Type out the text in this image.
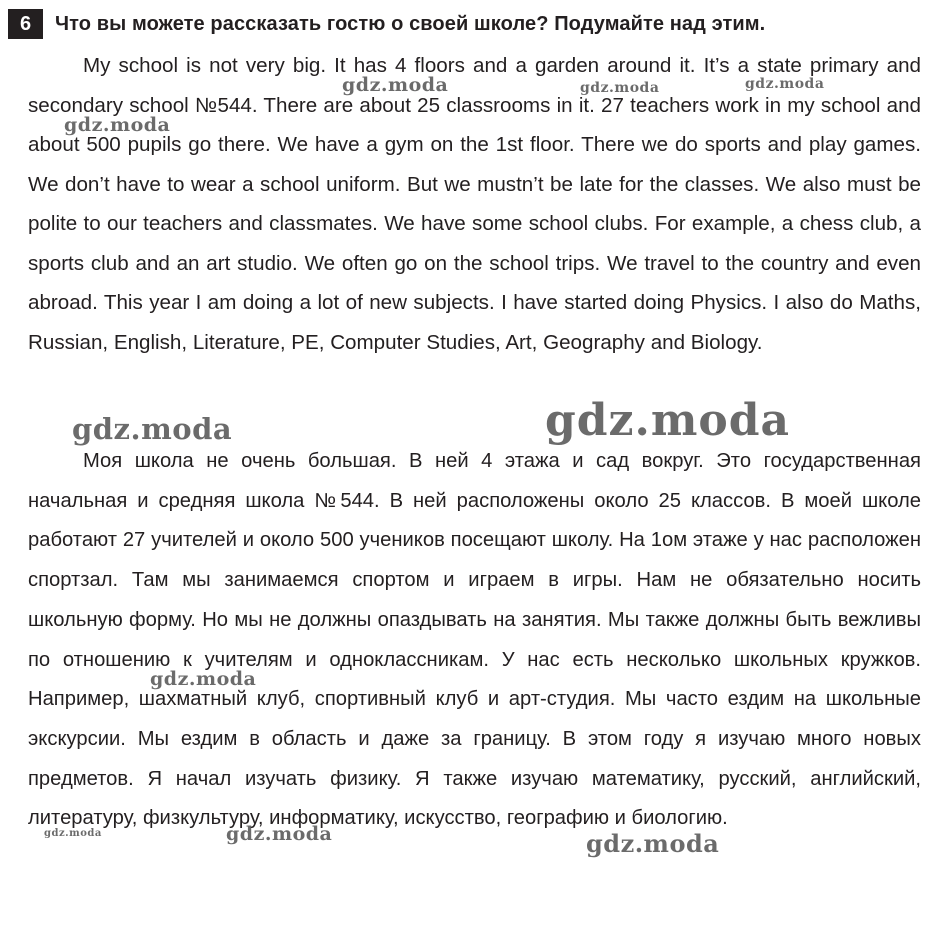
6	Что вы можете рассказать гостю о своей школе? Подумайте над этим.

My school is not very big. It has 4 floors and a garden around it. It’s a state primary and secondary school №544. There are about 25 classrooms in it. 27 teachers work in my school and about 500 pupils go there. We have a gym on the 1st floor. There we do sports and play games. We don’t have to wear a school uniform. But we mustn’t be late for the classes. We also must be polite to our teachers and classmates. We have some school clubs. For example, a chess club, a sports club and an art studio. We often go on the school trips. We travel to the country and even abroad. This year I am doing a lot of new subjects. I have started doing Physics. I also do Maths, Russian, English, Literature, PE, Computer Studies, Art, Geography and Biology.

Моя школа не очень большая. В ней 4 этажа и сад вокруг. Это государственная начальная и средняя школа №544. В ней расположены около 25 классов. В моей школе работают 27 учителей и около 500 учеников посещают школу. На 1ом этаже у нас расположен спортзал. Там мы занимаемся спортом и играем в игры. Нам не обязательно носить школьную форму. Но мы не должны опаздывать на занятия. Мы также должны быть вежливы по отношению к учителям и одноклассникам. У нас есть несколько школьных кружков. Например, шахматный клуб, спортивный клуб и арт-студия. Мы часто ездим на школьные экскурсии. Мы ездим в область и даже за границу. В этом году я изучаю много новых предметов. Я начал изучать физику. Я также изучаю математику, русский, английский, литературу, физкультуру, информатику, искусство, географию и биологию.

gdz.moda	gdz.moda	gdz.moda
gdz.moda
gdz.moda	gdz.moda
gdz.moda
gdz.moda	gdz.moda	gdz.moda
